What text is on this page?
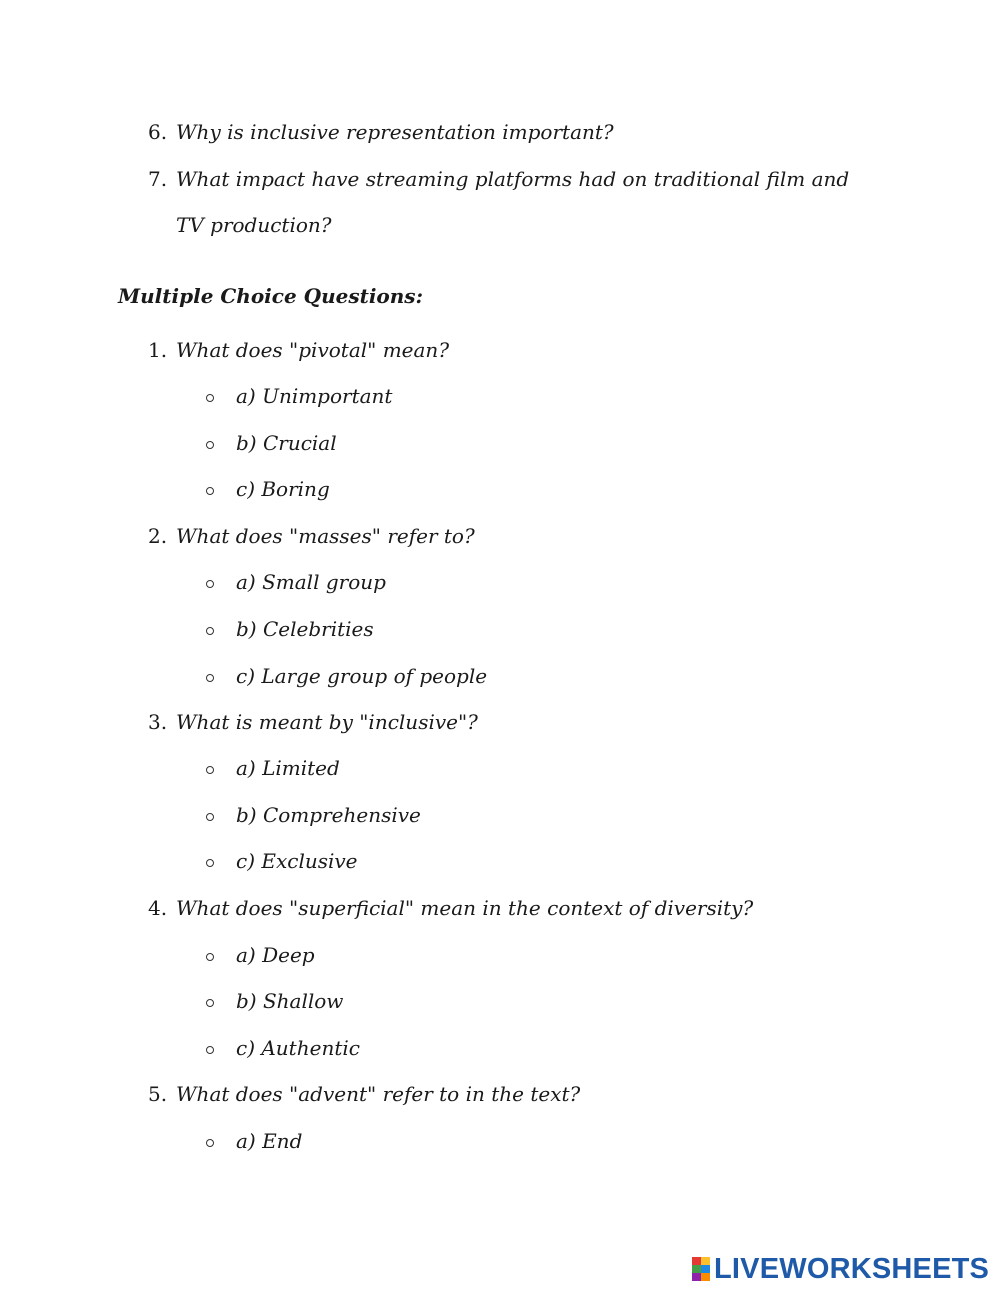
6. Why is inclusive representation important?
7. What impact have streaming platforms had on traditional film and
TV production?
Multiple Choice Questions:
1. What does "pivotal" mean?
a) Unimportant
b) Crucial
c) Boring
2. What does "masses" refer to?
a) Small group
b) Celebrities
c) Large group of people
3. What is meant by "inclusive"?
a) Limited
b) Comprehensive
c) Exclusive
4. What does "superficial" mean in the context of diversity?
a) Deep
b) Shallow
c) Authentic
5. What does "advent" refer to in the text?
a) End
LIVEWORKSHEETS
